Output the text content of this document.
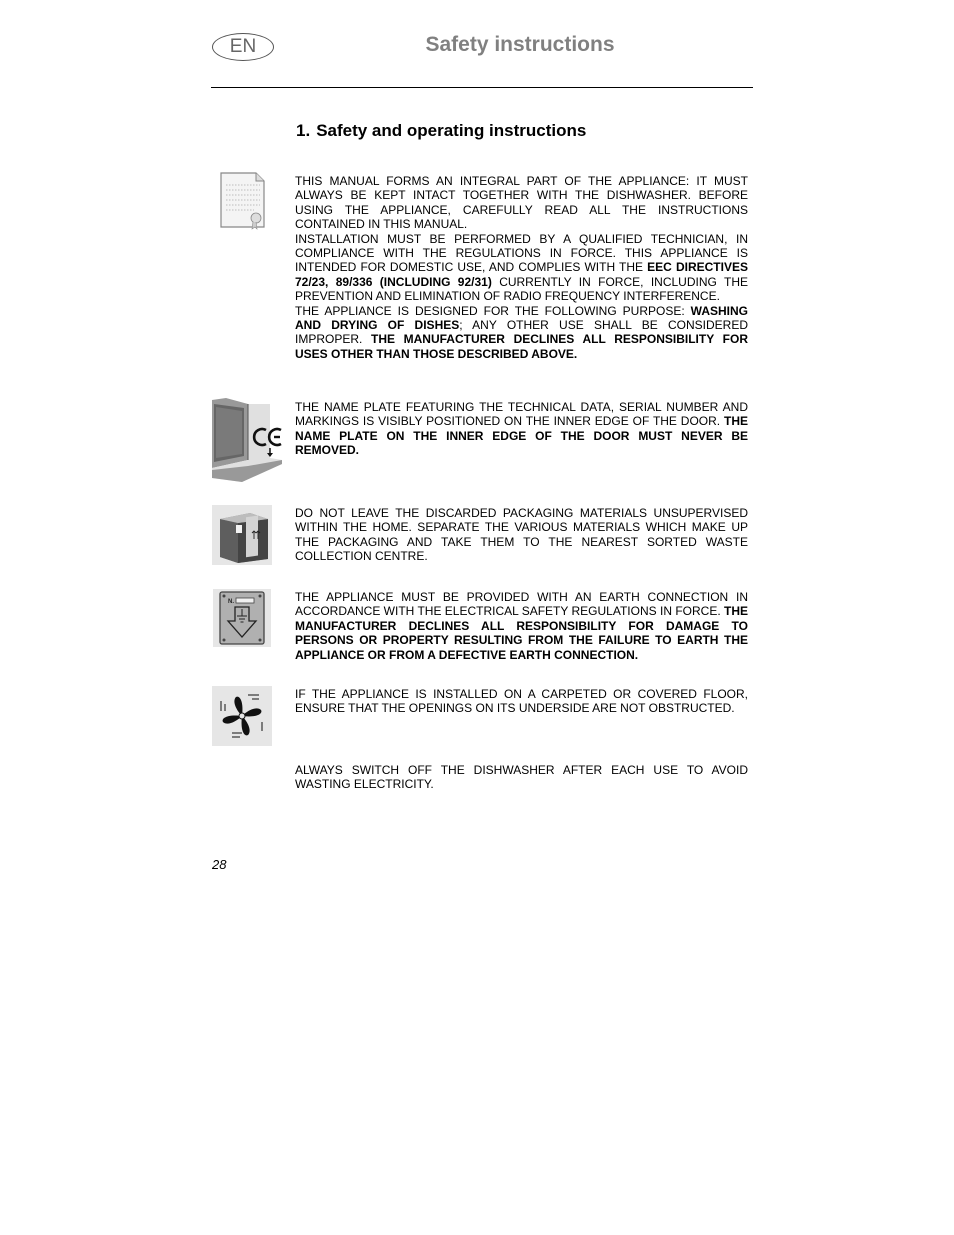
EN	Safety instructions
1. Safety and operating instructions

THIS MANUAL FORMS AN INTEGRAL PART OF THE APPLIANCE: IT MUST ALWAYS BE KEPT INTACT TOGETHER WITH THE DISHWASHER. BEFORE USING THE APPLIANCE, CAREFULLY READ ALL THE INSTRUCTIONS CONTAINED IN THIS MANUAL.

INSTALLATION MUST BE PERFORMED BY A QUALIFIED TECHNICIAN, IN COMPLIANCE WITH THE REGULATIONS IN FORCE. THIS APPLIANCE IS INTENDED FOR DOMESTIC USE, AND COMPLIES WITH THE EEC DIRECTIVES 72/23, 89/336 (INCLUDING 92/31) CURRENTLY IN FORCE, INCLUDING THE PREVENTION AND ELIMINATION OF RADIO FREQUENCY INTERFERENCE.

THE APPLIANCE IS DESIGNED FOR THE FOLLOWING PURPOSE: WASHING AND DRYING OF DISHES; ANY OTHER USE SHALL BE CONSIDERED IMPROPER. THE MANUFACTURER DECLINES ALL RESPONSIBILITY FOR USES OTHER THAN THOSE DESCRIBED ABOVE.

THE NAME PLATE FEATURING THE TECHNICAL DATA, SERIAL NUMBER AND MARKINGS IS VISIBLY POSITIONED ON THE INNER EDGE OF THE DOOR. THE NAME PLATE ON THE INNER EDGE OF THE DOOR MUST NEVER BE REMOVED.

DO NOT LEAVE THE DISCARDED PACKAGING MATERIALS UNSUPERVISED WITHIN THE HOME. SEPARATE THE VARIOUS MATERIALS WHICH MAKE UP THE PACKAGING AND TAKE THEM TO THE NEAREST SORTED WASTE COLLECTION CENTRE.

N.	THE APPLIANCE MUST BE PROVIDED WITH AN EARTH CONNECTION IN ACCORDANCE WITH THE ELECTRICAL SAFETY REGULATIONS IN FORCE. THE MANUFACTURER DECLINES ALL RESPONSIBILITY FOR DAMAGE TO PERSONS OR PROPERTY RESULTING FROM THE FAILURE TO EARTH THE APPLIANCE OR FROM A DEFECTIVE EARTH CONNECTION.

IF THE APPLIANCE IS INSTALLED ON A CARPETED OR COVERED FLOOR, ENSURE THAT THE OPENINGS ON ITS UNDERSIDE ARE NOT OBSTRUCTED.

ALWAYS SWITCH OFF THE DISHWASHER AFTER EACH USE TO AVOID WASTING ELECTRICITY.

28
